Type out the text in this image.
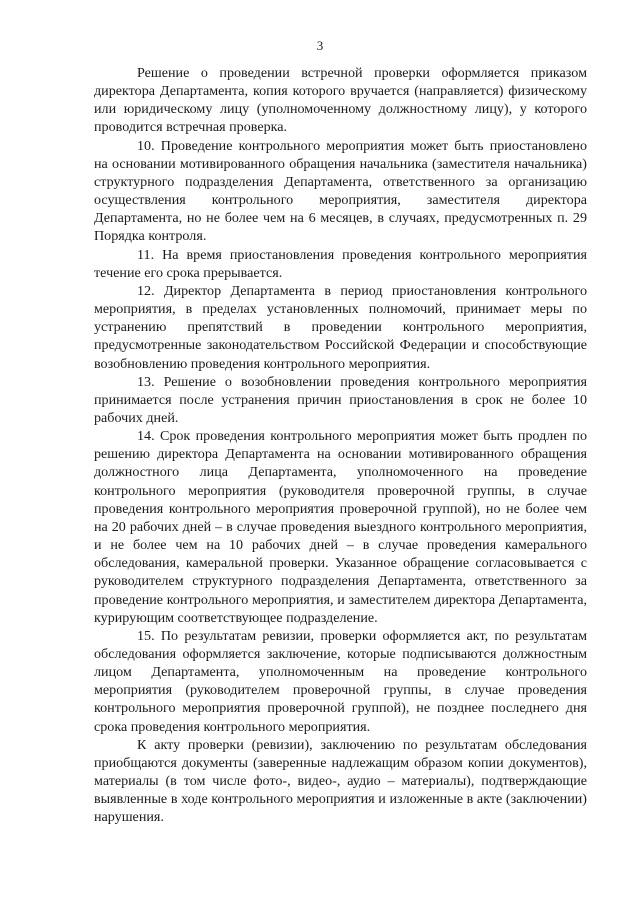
3

Решение о проведении встречной проверки оформляется приказом директора Департамента, копия которого вручается (направляется) физическому или юридическому лицу (уполномоченному должностному лицу), у которого проводится встречная проверка.

10. Проведение контрольного мероприятия может быть приостановлено на основании мотивированного обращения начальника (заместителя начальника) структурного подразделения Департамента, ответственного за организацию осуществления контрольного мероприятия, заместителя директора Департамента, но не более чем на 6 месяцев, в случаях, предусмотренных п. 29 Порядка контроля.

11. На время приостановления проведения контрольного мероприятия течение его срока прерывается.

12. Директор Департамента в период приостановления контрольного мероприятия, в пределах установленных полномочий, принимает меры по устранению препятствий в проведении контрольного мероприятия, предусмотренные законодательством Российской Федерации и способствующие возобновлению проведения контрольного мероприятия.

13. Решение о возобновлении проведения контрольного мероприятия принимается после устранения причин приостановления в срок не более 10 рабочих дней.

14. Срок проведения контрольного мероприятия может быть продлен по решению директора Департамента на основании мотивированного обращения должностного лица Департамента, уполномоченного на проведение контрольного мероприятия (руководителя проверочной группы, в случае проведения контрольного мероприятия проверочной группой), но не более чем на 20 рабочих дней – в случае проведения выездного контрольного мероприятия, и не более чем на 10 рабочих дней – в случае проведения камерального обследования, камеральной проверки. Указанное обращение согласовывается с руководителем структурного подразделения Департамента, ответственного за проведение контрольного мероприятия, и заместителем директора Департамента, курирующим соответствующее подразделение.

15. По результатам ревизии, проверки оформляется акт, по результатам обследования оформляется заключение, которые подписываются должностным лицом Департамента, уполномоченным на проведение контрольного мероприятия (руководителем проверочной группы, в случае проведения контрольного мероприятия проверочной группой), не позднее последнего дня срока проведения контрольного мероприятия.

К акту проверки (ревизии), заключению по результатам обследования приобщаются документы (заверенные надлежащим образом копии документов), материалы (в том числе фото-, видео-, аудио – материалы), подтверждающие выявленные в ходе контрольного мероприятия и изложенные в акте (заключении) нарушения.
